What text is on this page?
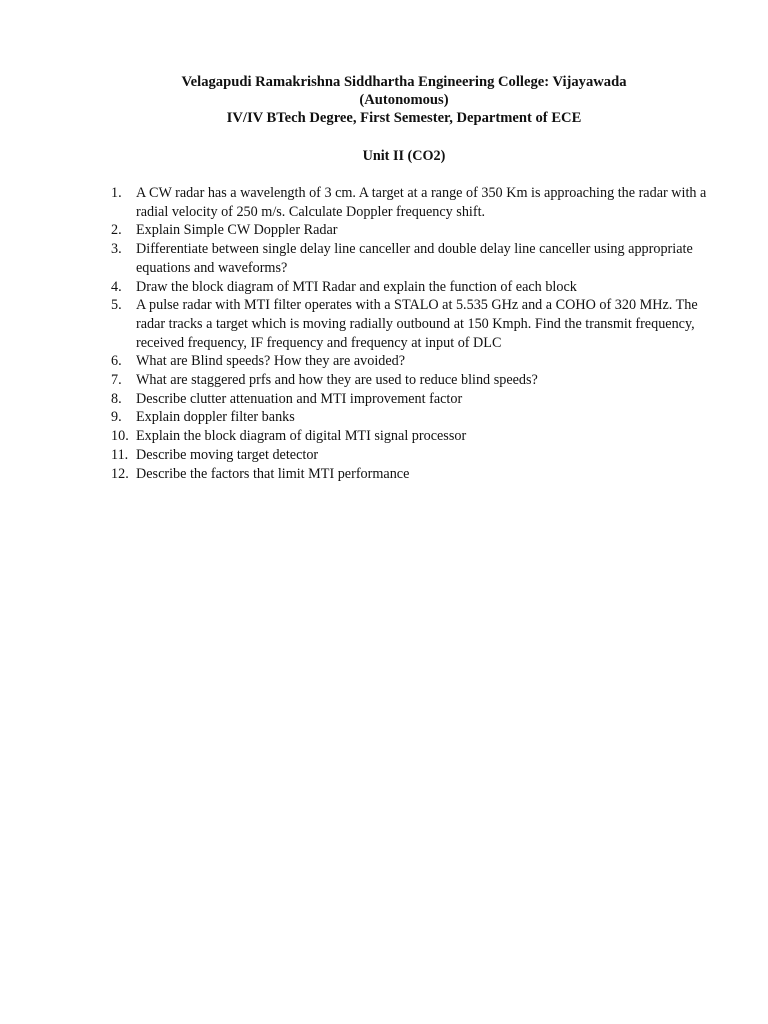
Velagapudi Ramakrishna Siddhartha Engineering College: Vijayawada
(Autonomous)
IV/IV BTech Degree, First Semester, Department of ECE
Unit II (CO2)
1.	A CW radar has a wavelength of 3 cm. A target at a range of 350 Km is approaching the radar with a radial velocity of 250 m/s. Calculate Doppler frequency shift.
2.	Explain Simple CW Doppler Radar
3.	Differentiate between single delay line canceller and double delay line canceller using appropriate equations and waveforms?
4.	Draw the block diagram of MTI Radar and explain the function of each block
5.	A pulse radar with MTI filter operates with a STALO at 5.535 GHz and a COHO of 320 MHz. The radar tracks a target which is moving radially outbound at 150 Kmph. Find the transmit frequency, received frequency, IF frequency and frequency at input of DLC
6.	What are Blind speeds? How they are avoided?
7.	What are staggered prfs and how they are used to reduce blind speeds?
8.	Describe clutter attenuation and MTI improvement factor
9.	Explain doppler filter banks
10. Explain the block diagram of digital MTI signal processor
11. Describe moving target detector
12. Describe the factors that limit MTI performance
